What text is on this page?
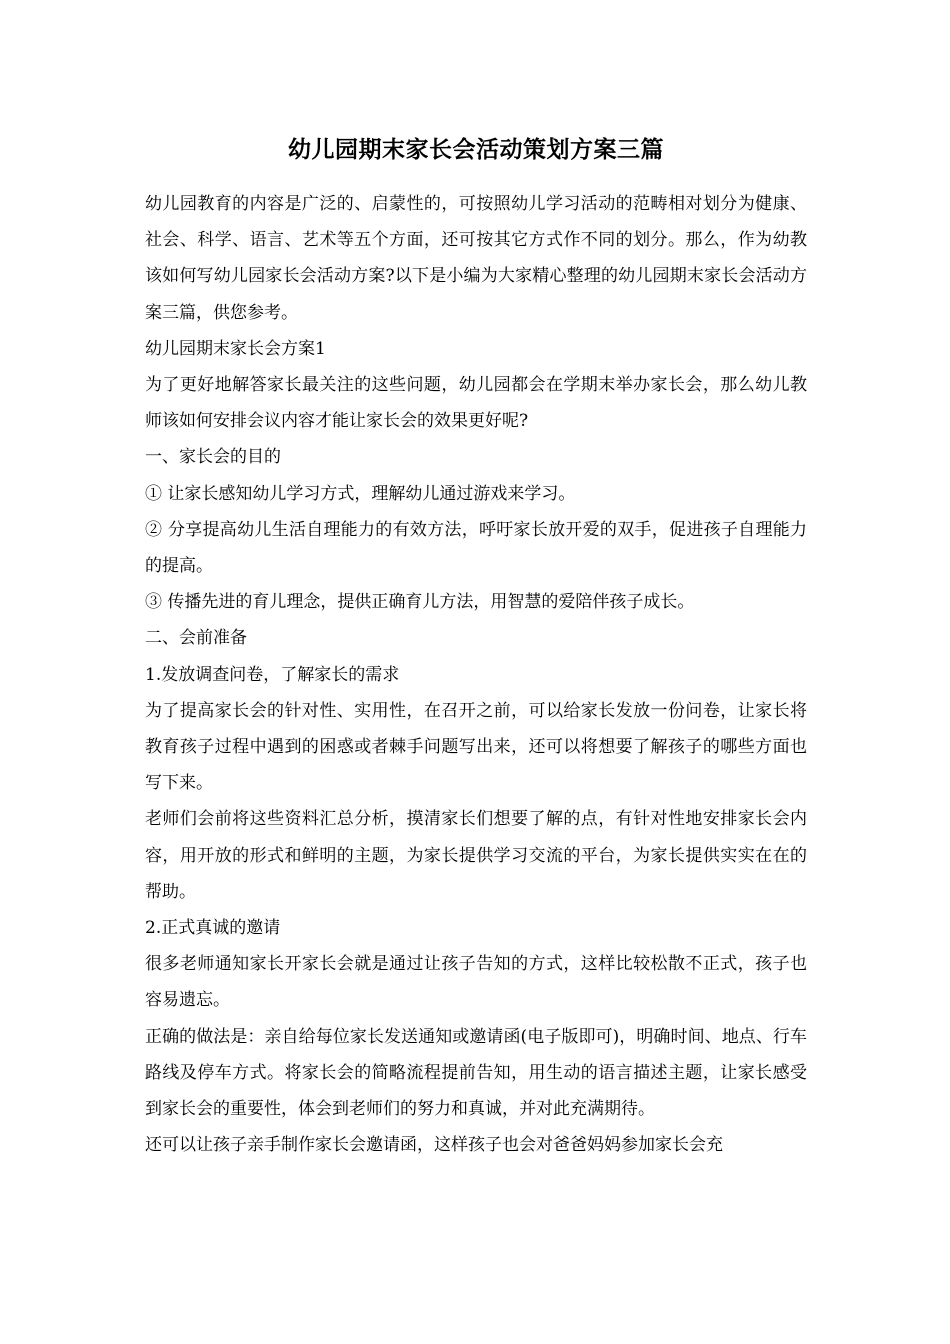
幼儿园期末家长会活动策划方案三篇

幼儿园教育的内容是广泛的、启蒙性的，可按照幼儿学习活动的范畴相对划分为健康、社会、科学、语言、艺术等五个方面，还可按其它方式作不同的划分。那么，作为幼教该如何写幼儿园家长会活动方案?以下是小编为大家精心整理的幼儿园期末家长会活动方案三篇，供您参考。

幼儿园期末家长会方案1

为了更好地解答家长最关注的这些问题，幼儿园都会在学期末举办家长会，那么幼儿教师该如何安排会议内容才能让家长会的效果更好呢?

一、家长会的目的

① 让家长感知幼儿学习方式，理解幼儿通过游戏来学习。

② 分享提高幼儿生活自理能力的有效方法，呼吁家长放开爱的双手，促进孩子自理能力的提高。

③ 传播先进的育儿理念，提供正确育儿方法，用智慧的爱陪伴孩子成长。

二、会前准备

1.发放调查问卷，了解家长的需求

为了提高家长会的针对性、实用性，在召开之前，可以给家长发放一份问卷，让家长将教育孩子过程中遇到的困惑或者棘手问题写出来，还可以将想要了解孩子的哪些方面也写下来。

老师们会前将这些资料汇总分析，摸清家长们想要了解的点，有针对性地安排家长会内容，用开放的形式和鲜明的主题，为家长提供学习交流的平台，为家长提供实实在在的帮助。

2.正式真诚的邀请

很多老师通知家长开家长会就是通过让孩子告知的方式，这样比较松散不正式，孩子也容易遗忘。

正确的做法是：亲自给每位家长发送通知或邀请函(电子版即可)，明确时间、地点、行车路线及停车方式。将家长会的简略流程提前告知，用生动的语言描述主题，让家长感受到家长会的重要性，体会到老师们的努力和真诚，并对此充满期待。

还可以让孩子亲手制作家长会邀请函，这样孩子也会对爸爸妈妈参加家长会充
